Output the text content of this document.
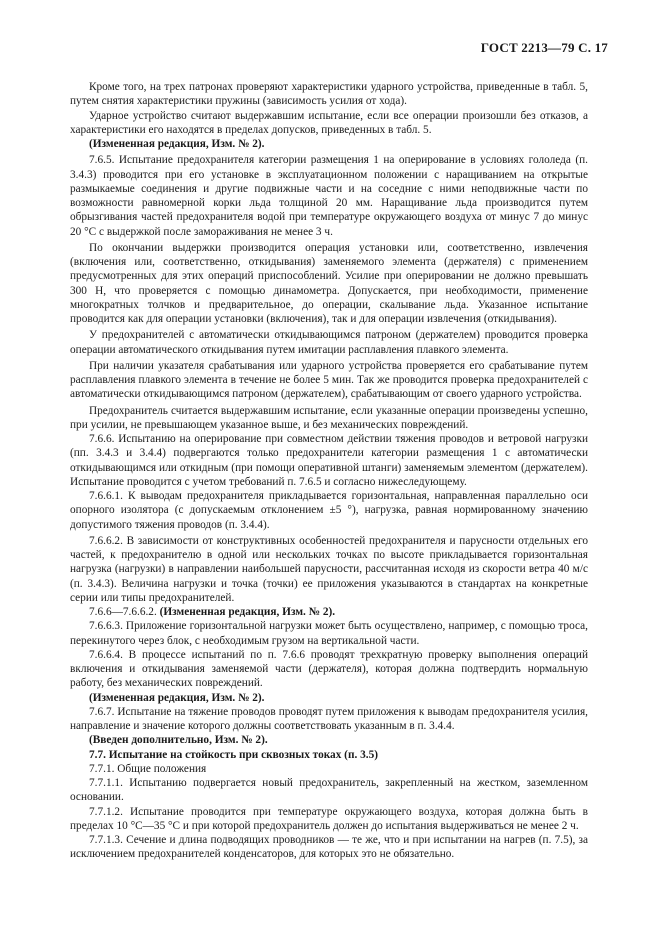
ГОСТ 2213—79 С. 17

Кроме того, на трех патронах проверяют характеристики ударного устройства, приведенные в табл. 5, путем снятия характеристики пружины (зависимость усилия от хода).

Ударное устройство считают выдержавшим испытание, если все операции произошли без отказов, а характеристики его находятся в пределах допусков, приведенных в табл. 5.

(Измененная редакция, Изм. № 2).

7.6.5. Испытание предохранителя категории размещения 1 на оперирование в условиях гололеда (п. 3.4.3) проводится при его установке в эксплуатационном положении с наращиванием на открытые размыкаемые соединения и другие подвижные части и на соседние с ними неподвижные части по возможности равномерной корки льда толщиной 20 мм. Наращивание льда производится путем обрызгивания частей предохранителя водой при температуре окружающего воздуха от минус 7 до минус 20 °С с выдержкой после замораживания не менее 3 ч.

По окончании выдержки производится операция установки или, соответственно, извлечения (включения или, соответственно, откидывания) заменяемого элемента (держателя) с применением предусмотренных для этих операций приспособлений. Усилие при оперировании не должно превышать 300 Н, что проверяется с помощью динамометра. Допускается, при необходимости, применение многократных толчков и предварительное, до операции, скалывание льда. Указанное испытание проводится как для операции установки (включения), так и для операции извлечения (откидывания).

У предохранителей с автоматически откидывающимся патроном (держателем) проводится проверка операции автоматического откидывания путем имитации расплавления плавкого элемента.

При наличии указателя срабатывания или ударного устройства проверяется его срабатывание путем расплавления плавкого элемента в течение не более 5 мин. Так же проводится проверка предохранителей с автоматически откидывающимся патроном (держателем), срабатывающим от своего ударного устройства.

Предохранитель считается выдержавшим испытание, если указанные операции произведены успешно, при усилии, не превышающем указанное выше, и без механических повреждений.

7.6.6. Испытанию на оперирование при совместном действии тяжения проводов и ветровой нагрузки (пп. 3.4.3 и 3.4.4) подвергаются только предохранители категории размещения 1 с автоматически откидывающимся или откидным (при помощи оперативной штанги) заменяемым элементом (держателем). Испытание проводится с учетом требований п. 7.6.5 и согласно нижеследующему.

7.6.6.1. К выводам предохранителя прикладывается горизонтальная, направленная параллельно оси опорного изолятора (с допускаемым отклонением ±5 °), нагрузка, равная нормированному значению допустимого тяжения проводов (п. 3.4.4).

7.6.6.2. В зависимости от конструктивных особенностей предохранителя и парусности отдельных его частей, к предохранителю в одной или нескольких точках по высоте прикладывается горизонтальная нагрузка (нагрузки) в направлении наибольшей парусности, рассчитанная исходя из скорости ветра 40 м/с (п. 3.4.3). Величина нагрузки и точка (точки) ее приложения указываются в стандартах на конкретные серии или типы предохранителей.

7.6.6—7.6.6.2. (Измененная редакция, Изм. № 2).

7.6.6.3. Приложение горизонтальной нагрузки может быть осуществлено, например, с помощью троса, перекинутого через блок, с необходимым грузом на вертикальной части.

7.6.6.4. В процессе испытаний по п. 7.6.6 проводят трехкратную проверку выполнения операций включения и откидывания заменяемой части (держателя), которая должна подтвердить нормальную работу, без механических повреждений.

(Измененная редакция, Изм. № 2).

7.6.7. Испытание на тяжение проводов проводят путем приложения к выводам предохранителя усилия, направление и значение которого должны соответствовать указанным в п. 3.4.4.

(Введен дополнительно, Изм. № 2).

7.7. Испытание на стойкость при сквозных токах (п. 3.5)

7.7.1. Общие положения

7.7.1.1. Испытанию подвергается новый предохранитель, закрепленный на жестком, заземленном основании.

7.7.1.2. Испытание проводится при температуре окружающего воздуха, которая должна быть в пределах 10 °С—35 °С и при которой предохранитель должен до испытания выдерживаться не менее 2 ч.

7.7.1.3. Сечение и длина подводящих проводников — те же, что и при испытании на нагрев (п. 7.5), за исключением предохранителей конденсаторов, для которых это не обязательно.
